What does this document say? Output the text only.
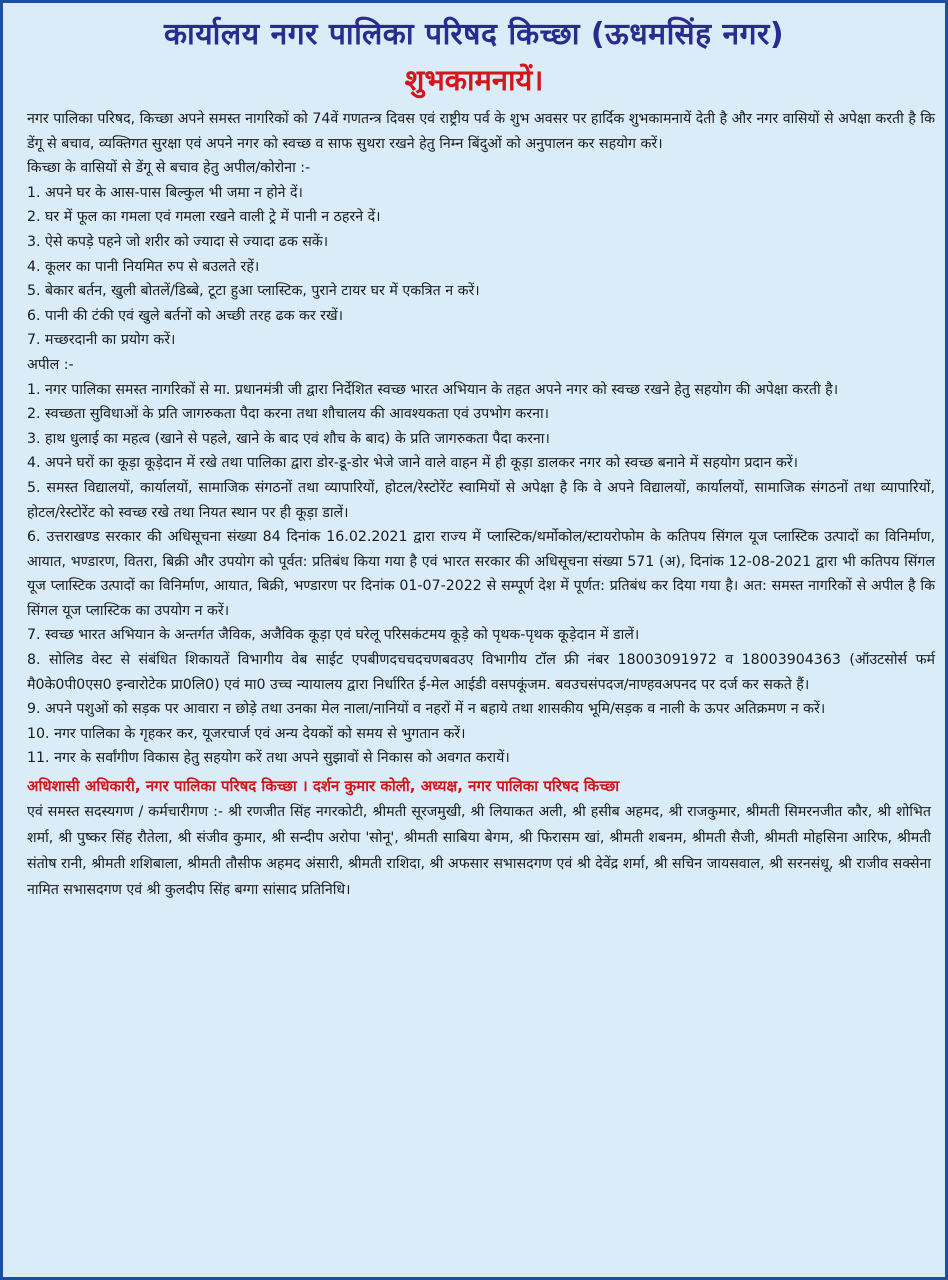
कार्यालय नगर पालिका परिषद किच्छा (ऊधमसिंह नगर)
शुभकामनायें।

नगर पालिका परिषद, किच्छा अपने समस्त नागरिकों को 74वें गणतन्त्र दिवस एवं राष्ट्रीय पर्व के शुभ अवसर पर हार्दिक शुभकामनायें देती है और नगर वासियों से अपेक्षा करती है कि डेंगू से बचाव, व्यक्तिगत सुरक्षा एवं अपने नगर को स्वच्छ व साफ सुथरा रखने हेतु निम्न बिंदुओं को अनुपालन कर सहयोग करें।

किच्छा के वासियों से डेंगू से बचाव हेतु अपील/कोरोना :-

1. अपने घर के आस-पास बिल्कुल भी जमा न होने दें।

2. घर में फूल का गमला एवं गमला रखने वाली ट्रे में पानी न ठहरने दें।

3. ऐसे कपड़े पहने जो शरीर को ज्यादा से ज्यादा ढक सकें।

4. कूलर का पानी नियमित रुप से बउलते रहें।

5. बेकार बर्तन, खुली बोतलें/डिब्बे, टूटा हुआ प्लास्टिक, पुराने टायर घर में एकत्रित न करें।

6. पानी की टंकी एवं खुले बर्तनों को अच्छी तरह ढक कर रखें।

7. मच्छरदानी का प्रयोग करें।

अपील :-

1. नगर पालिका समस्त नागरिकों से मा. प्रधानमंत्री जी द्वारा निर्देशित स्वच्छ भारत अभियान के तहत अपने नगर को स्वच्छ रखने हेतु सहयोग की अपेक्षा करती है।

2. स्वच्छता सुविधाओं के प्रति जागरुकता पैदा करना तथा शौचालय की आवश्यकता एवं उपभोग करना।

3. हाथ धुलाई का महत्व (खाने से पहले, खाने के बाद एवं शौच के बाद) के प्रति जागरुकता पैदा करना।

4. अपने घरों का कूड़ा कूड़ेदान में रखे तथा पालिका द्वारा डोर-डू-डोर भेजे जाने वाले वाहन में ही कूड़ा डालकर नगर को स्वच्छ बनाने में सहयोग प्रदान करें।

5. समस्त विद्यालयों, कार्यालयों, सामाजिक संगठनों तथा व्यापारियों, होटल/रेस्टोरेंट स्वामियों से अपेक्षा है कि वे अपने विद्यालयों, कार्यालयों, सामाजिक संगठनों तथा व्यापारियों, होटल/रेस्टोरेंट को स्वच्छ रखे तथा नियत स्थान पर ही कूड़ा डालें।

6. उत्तराखण्ड सरकार की अधिसूचना संख्या 84 दिनांक 16.02.2021 द्वारा राज्य में प्लास्टिक/थर्मोकोल/स्टायरोफोम के कतिपय सिंगल यूज प्लास्टिक उत्पादों का विनिर्माण, आयात, भण्डारण, वितरा, बिक्री और उपयोग को पूर्वत: प्रतिबंध किया गया है एवं भारत सरकार की अधिसूचना संख्या 571 (अ), दिनांक 12-08-2021 द्वारा भी कतिपय सिंगल यूज प्लास्टिक उत्पादों का विनिर्माण, आयात, बिक्री, भण्डारण पर दिनांक 01-07-2022 से सम्पूर्ण देश में पूर्णत: प्रतिबंध कर दिया गया है। अत: समस्त नागरिकों से अपील है कि सिंगल यूज प्लास्टिक का उपयोग न करें।

7. स्वच्छ भारत अभियान के अन्तर्गत जैविक, अजैविक कूड़ा एवं घरेलू परिसकंटमय कूड़े को पृथक-पृथक कूड़ेदान में डालें।

8. सोलिड वेस्ट से संबंधित शिकायतें विभागीय वेब साईट एपबीणदचचदचणबवउए विभागीय टॉल फ्री नंबर 18003091972 व 18003904363 (ऑउटसोर्स फर्म मै0के0पी0एस0 इन्वारोटेक प्रा0लि0) एवं मा0 उच्च न्यायालय द्वारा निर्धारित ई-मेल आईडी वसपकूंजम. बवउचसंपदज/नाण्हवअपनद पर दर्ज कर सकते हैं।

9. अपने पशुओं को सड़क पर आवारा न छोड़े तथा उनका मेल नाला/नानियों व नहरों में न बहाये तथा शासकीय भूमि/सड़क व नाली के ऊपर अतिक्रमण न करें।

10. नगर पालिका के गृहकर कर, यूजरचार्ज एवं अन्य देयकों को समय से भुगतान करें।

11. नगर के सर्वांगीण विकास हेतु सहयोग करें तथा अपने सुझावों से निकास को अवगत करायें।

अधिशासी अधिकारी, नगर पालिका परिषद किच्छा । दर्शन कुमार कोली, अध्यक्ष, नगर पालिका परिषद किच्छा
एवं समस्त सदस्यगण / कर्मचारीगण :- श्री रणजीत सिंह नगरकोटी, श्रीमती सूरजमुखी, श्री लियाकत अली, श्री हसीब अहमद, श्री राजकुमार, श्रीमती सिमरनजीत कौर, श्री शोभित शर्मा, श्री पुष्कर सिंह रौतेला, श्री संजीव कुमार, श्री सन्दीप अरोपा 'सोनू', श्रीमती साबिया बेगम, श्री फिरासम खां, श्रीमती शबनम, श्रीमती सैजी, श्रीमती मोहसिना आरिफ, श्रीमती संतोष रानी, श्रीमती शशिबाला, श्रीमती तौसीफ अहमद अंसारी, श्रीमती राशिदा, श्री अफसार सभासदगण एवं श्री देवेंद्र शर्मा, श्री सचिन जायसवाल, श्री सरनसंधू, श्री राजीव सक्सेना नामित सभासदगण एवं श्री कुलदीप सिंह बग्गा सांसाद प्रतिनिधि।
